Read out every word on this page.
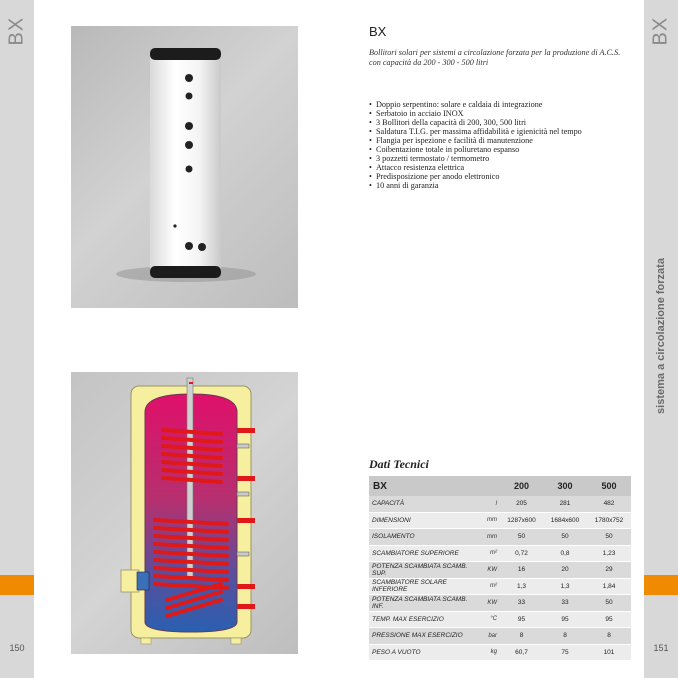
BX
150
BX
sistema a circolazione forzata
151
BX
Bollitori solari per sistemi a circolazione forzata per la produzione di A.C.S. con capacità da 200 - 300 - 500 litri
• Doppio serpentino: solare e caldaia di integrazione
• Serbatoio in acciaio INOX
• 3 Bollitori della capacità di 200, 300, 500 litri
• Saldatura T.I.G. per massima affidabilità e igienicità nel tempo
• Flangia per ispezione e facilità di manutenzione
• Coibentazione totale in poliuretano espanso
• 3 pozzetti termostato / termometro
• Attacco resistenza elettrica
• Predisposizione per anodo elettronico
• 10 anni di garanzia
Dati Tecnici
BX		200	300	500
CAPACITÀ	l	205	281	482
DIMENSIONI	mm	1287x600	1684x600	1780x752
ISOLAMENTO	mm	50	50	50
SCAMBIATORE SUPERIORE	m²	0,72	0,8	1,23
POTENZA SCAMBIATA SCAMB. SUP.	KW	16	20	29
SCAMBIATORE SOLARE INFERIORE	m²	1,3	1,3	1,84
POTENZA SCAMBIATA SCAMB. INF.	KW	33	33	50
TEMP. MAX ESERCIZIO	°C	95	95	95
PRESSIONE MAX ESERCIZIO	bar	8	8	8
PESO A VUOTO	kg	60,7	75	101
